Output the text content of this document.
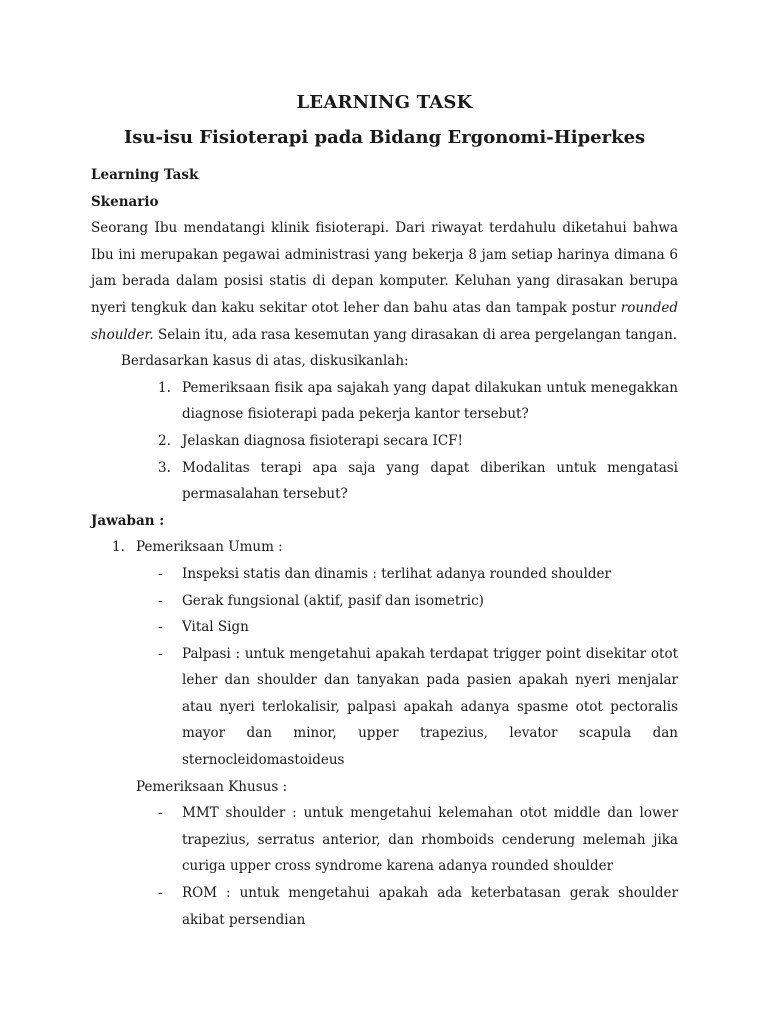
LEARNING TASK
Isu-isu Fisioterapi pada Bidang Ergonomi-Hiperkes

Learning Task

Skenario

Seorang Ibu mendatangi klinik fisioterapi. Dari riwayat terdahulu diketahui bahwa Ibu ini merupakan pegawai administrasi yang bekerja 8 jam setiap harinya dimana 6 jam berada dalam posisi statis di depan komputer. Keluhan yang dirasakan berupa nyeri tengkuk dan kaku sekitar otot leher dan bahu atas dan tampak postur rounded shoulder. Selain itu, ada rasa kesemutan yang dirasakan di area pergelangan tangan.

Berdasarkan kasus di atas, diskusikanlah:

1. Pemeriksaan fisik apa sajakah yang dapat dilakukan untuk menegakkan diagnose fisioterapi pada pekerja kantor tersebut?
2. Jelaskan diagnosa fisioterapi secara ICF!
3. Modalitas terapi apa saja yang dapat diberikan untuk mengatasi permasalahan tersebut?

Jawaban :

1. Pemeriksaan Umum :
- Inspeksi statis dan dinamis : terlihat adanya rounded shoulder
- Gerak fungsional (aktif, pasif dan isometric)
- Vital Sign
- Palpasi : untuk mengetahui apakah terdapat trigger point disekitar otot leher dan shoulder dan tanyakan pada pasien apakah nyeri menjalar atau nyeri terlokalisir, palpasi apakah adanya spasme otot pectoralis mayor dan minor, upper trapezius, levator scapula dan sternocleidomastoideus
Pemeriksaan Khusus :
- MMT shoulder : untuk mengetahui kelemahan otot middle dan lower trapezius, serratus anterior, dan rhomboids cenderung melemah jika curiga upper cross syndrome karena adanya rounded shoulder
- ROM : untuk mengetahui apakah ada keterbatasan gerak shoulder akibat persendian
